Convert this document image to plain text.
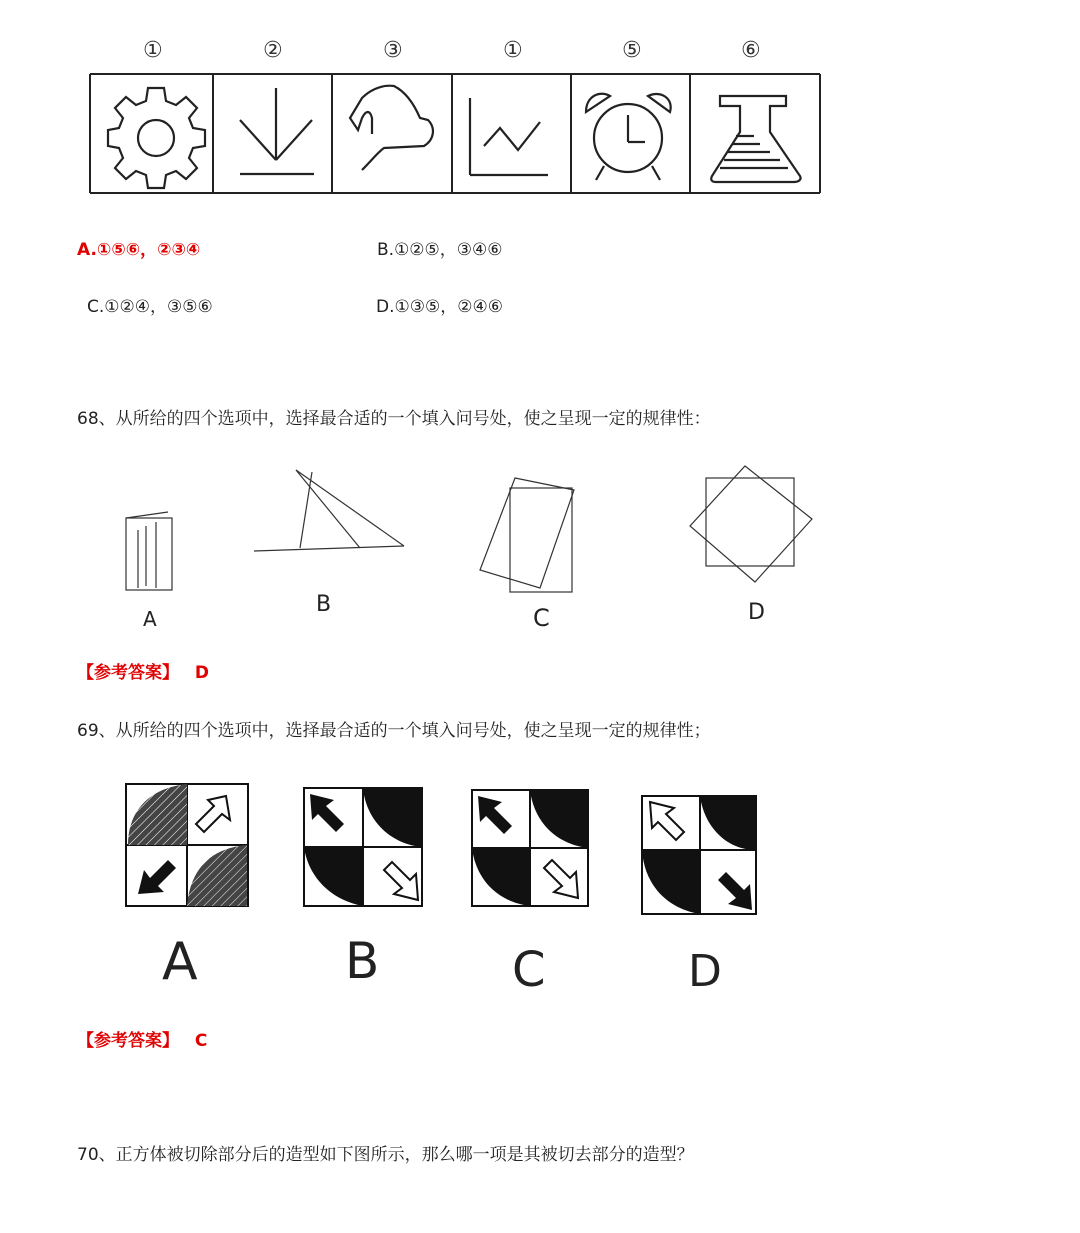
①	②	③	①	⑤	⑥
A.①⑤⑥，②③④	B.①②⑤，③④⑥
C.①②④，③⑤⑥	D.①③⑤，②④⑥
68、从所给的四个选项中，选择最合适的一个填入问号处，使之呈现一定的规律性：
A
B	C	D
【参考答案】 D
69、从所给的四个选项中，选择最合适的一个填入问号处，使之呈现一定的规律性；
A	B	C	D
【参考答案】 C
70、正方体被切除部分后的造型如下图所示，那么哪一项是其被切去部分的造型？
